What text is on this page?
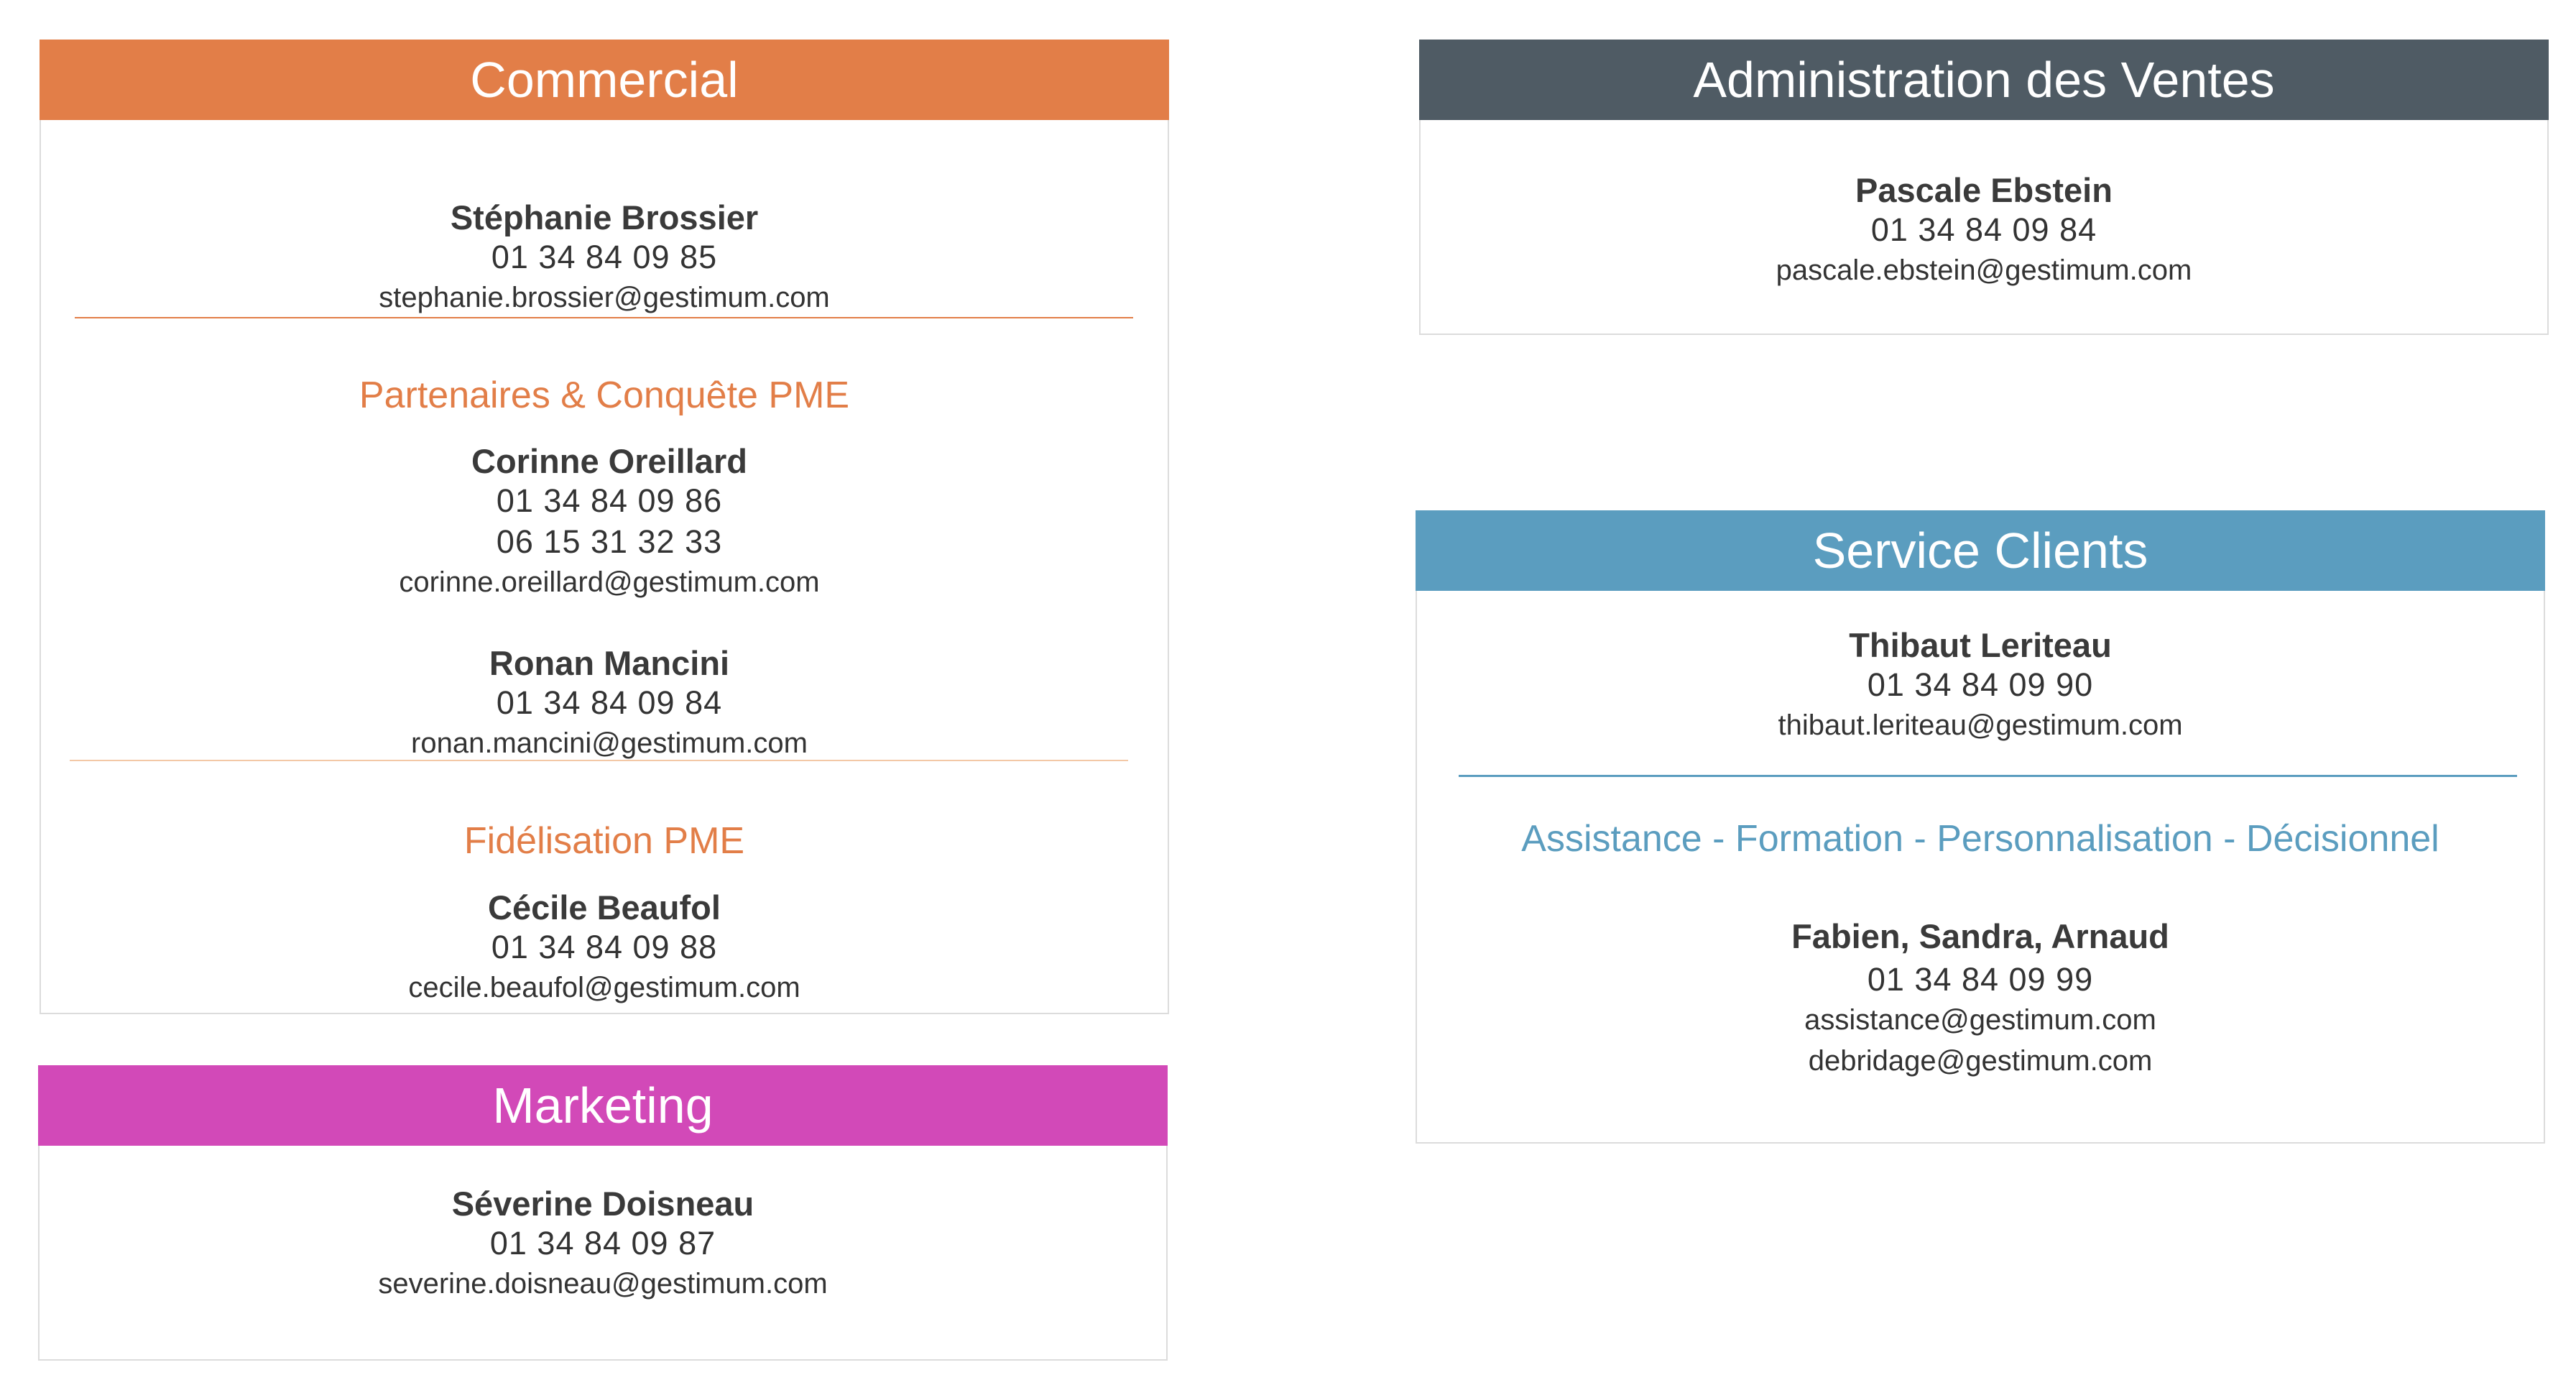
Commercial
Stéphanie Brossier
01 34 84 09 85
stephanie.brossier@gestimum.com
Partenaires & Conquête PME
Corinne Oreillard
01 34 84 09 86
06 15 31 32 33
corinne.oreillard@gestimum.com
Ronan Mancini
01 34 84 09 84
ronan.mancini@gestimum.com
Fidélisation PME
Cécile Beaufol
01 34 84 09 88
cecile.beaufol@gestimum.com
Marketing
Séverine Doisneau
01 34 84 09 87
severine.doisneau@gestimum.com
Administration des Ventes
Pascale Ebstein
01 34 84 09 84
pascale.ebstein@gestimum.com
Service Clients
Thibaut Leriteau
01 34 84 09 90
thibaut.leriteau@gestimum.com
Assistance - Formation - Personnalisation - Décisionnel
Fabien, Sandra, Arnaud
01 34 84 09 99
assistance@gestimum.com
debridage@gestimum.com
